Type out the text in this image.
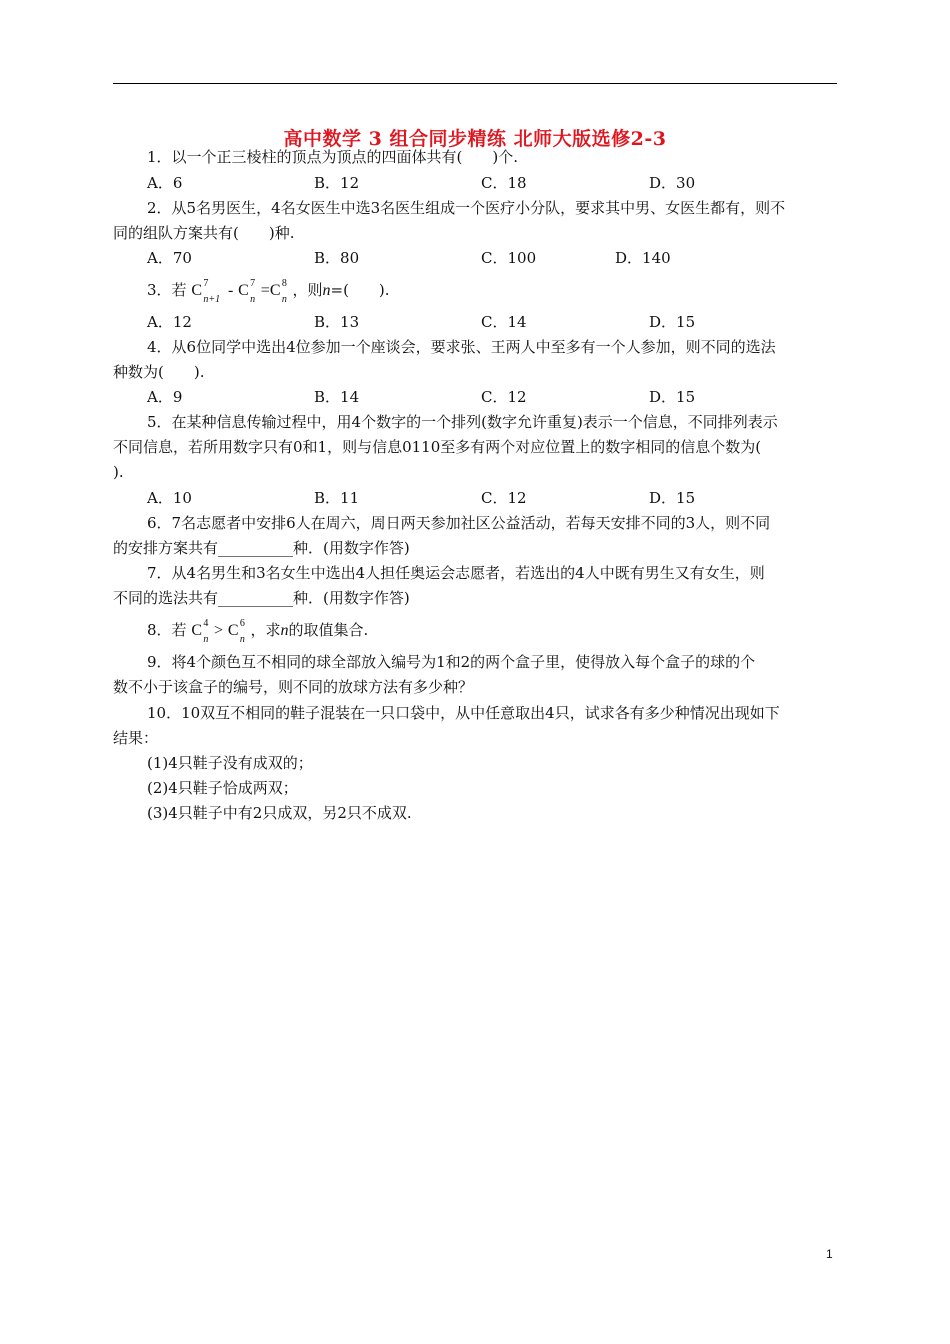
高中数学 3 组合同步精练 北师大版选修2-3
1．以一个正三棱柱的顶点为顶点的四面体共有(　　)个.
A．6	B．12	C．18	D．30
2．从5名男医生，4名女医生中选3名医生组成一个医疗小分队，要求其中男、女医生都有，则不
同的组队方案共有(　　)种.
A．70	B．80	C．100	D．140
3．若 C 7
n+1
- C 7
n
=C 8
n
，则n=(　　).
A．12	B．13	C．14	D．15
4．从6位同学中选出4位参加一个座谈会，要求张、王两人中至多有一个人参加，则不同的选法
种数为(　　).
A．9	B．14	C．12	D．15
5．在某种信息传输过程中，用4个数字的一个排列(数字允许重复)表示一个信息，不同排列表示
不同信息，若所用数字只有0和1，则与信息0110至多有两个对应位置上的数字相同的信息个数为(
).
A．10	B．11	C．12	D．15
6．7名志愿者中安排6人在周六，周日两天参加社区公益活动，若每天安排不同的3人，则不同
的安排方案共有__________种．(用数字作答)
7．从4名男生和3名女生中选出4人担任奥运会志愿者，若选出的4人中既有男生又有女生，则
不同的选法共有__________种．(用数字作答)
8．若 C 4
n
> C 6
n
，求n的取值集合.
9．将4个颜色互不相同的球全部放入编号为1和2的两个盒子里，使得放入每个盒子的球的个
数不小于该盒子的编号，则不同的放球方法有多少种？
10．10双互不相同的鞋子混装在一只口袋中，从中任意取出4只，试求各有多少种情况出现如下
结果：
(1)4只鞋子没有成双的；
(2)4只鞋子恰成两双；
(3)4只鞋子中有2只成双，另2只不成双.
1
